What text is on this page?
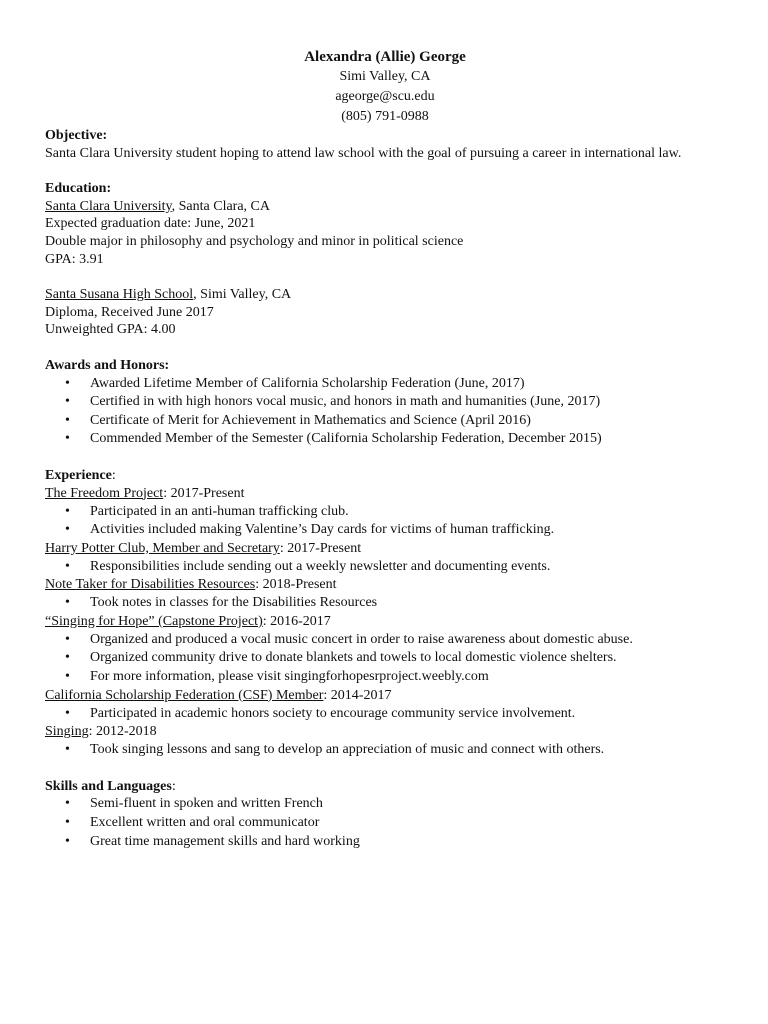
Alexandra (Allie) George
Simi Valley, CA
ageorge@scu.edu
(805) 791-0988
Objective:
Santa Clara University student hoping to attend law school with the goal of pursuing a career in international law.
Education:
Santa Clara University, Santa Clara, CA
Expected graduation date: June, 2021
Double major in philosophy and psychology and minor in political science
GPA: 3.91
Santa Susana High School, Simi Valley, CA
Diploma, Received June 2017
Unweighted GPA: 4.00
Awards and Honors:
• Awarded Lifetime Member of California Scholarship Federation (June, 2017)
• Certified in with high honors vocal music, and honors in math and humanities (June, 2017)
• Certificate of Merit for Achievement in Mathematics and Science (April 2016)
• Commended Member of the Semester (California Scholarship Federation, December 2015)
Experience:
The Freedom Project: 2017-Present
• Participated in an anti-human trafficking club.
• Activities included making Valentine’s Day cards for victims of human trafficking.
Harry Potter Club, Member and Secretary: 2017-Present
• Responsibilities include sending out a weekly newsletter and documenting events.
Note Taker for Disabilities Resources: 2018-Present
• Took notes in classes for the Disabilities Resources
“Singing for Hope” (Capstone Project): 2016-2017
• Organized and produced a vocal music concert in order to raise awareness about domestic abuse.
• Organized community drive to donate blankets and towels to local domestic violence shelters.
• For more information, please visit singingforhopesrproject.weebly.com
California Scholarship Federation (CSF) Member: 2014-2017
• Participated in academic honors society to encourage community service involvement.
Singing: 2012-2018
• Took singing lessons and sang to develop an appreciation of music and connect with others.
Skills and Languages:
• Semi-fluent in spoken and written French
• Excellent written and oral communicator
• Great time management skills and hard working
